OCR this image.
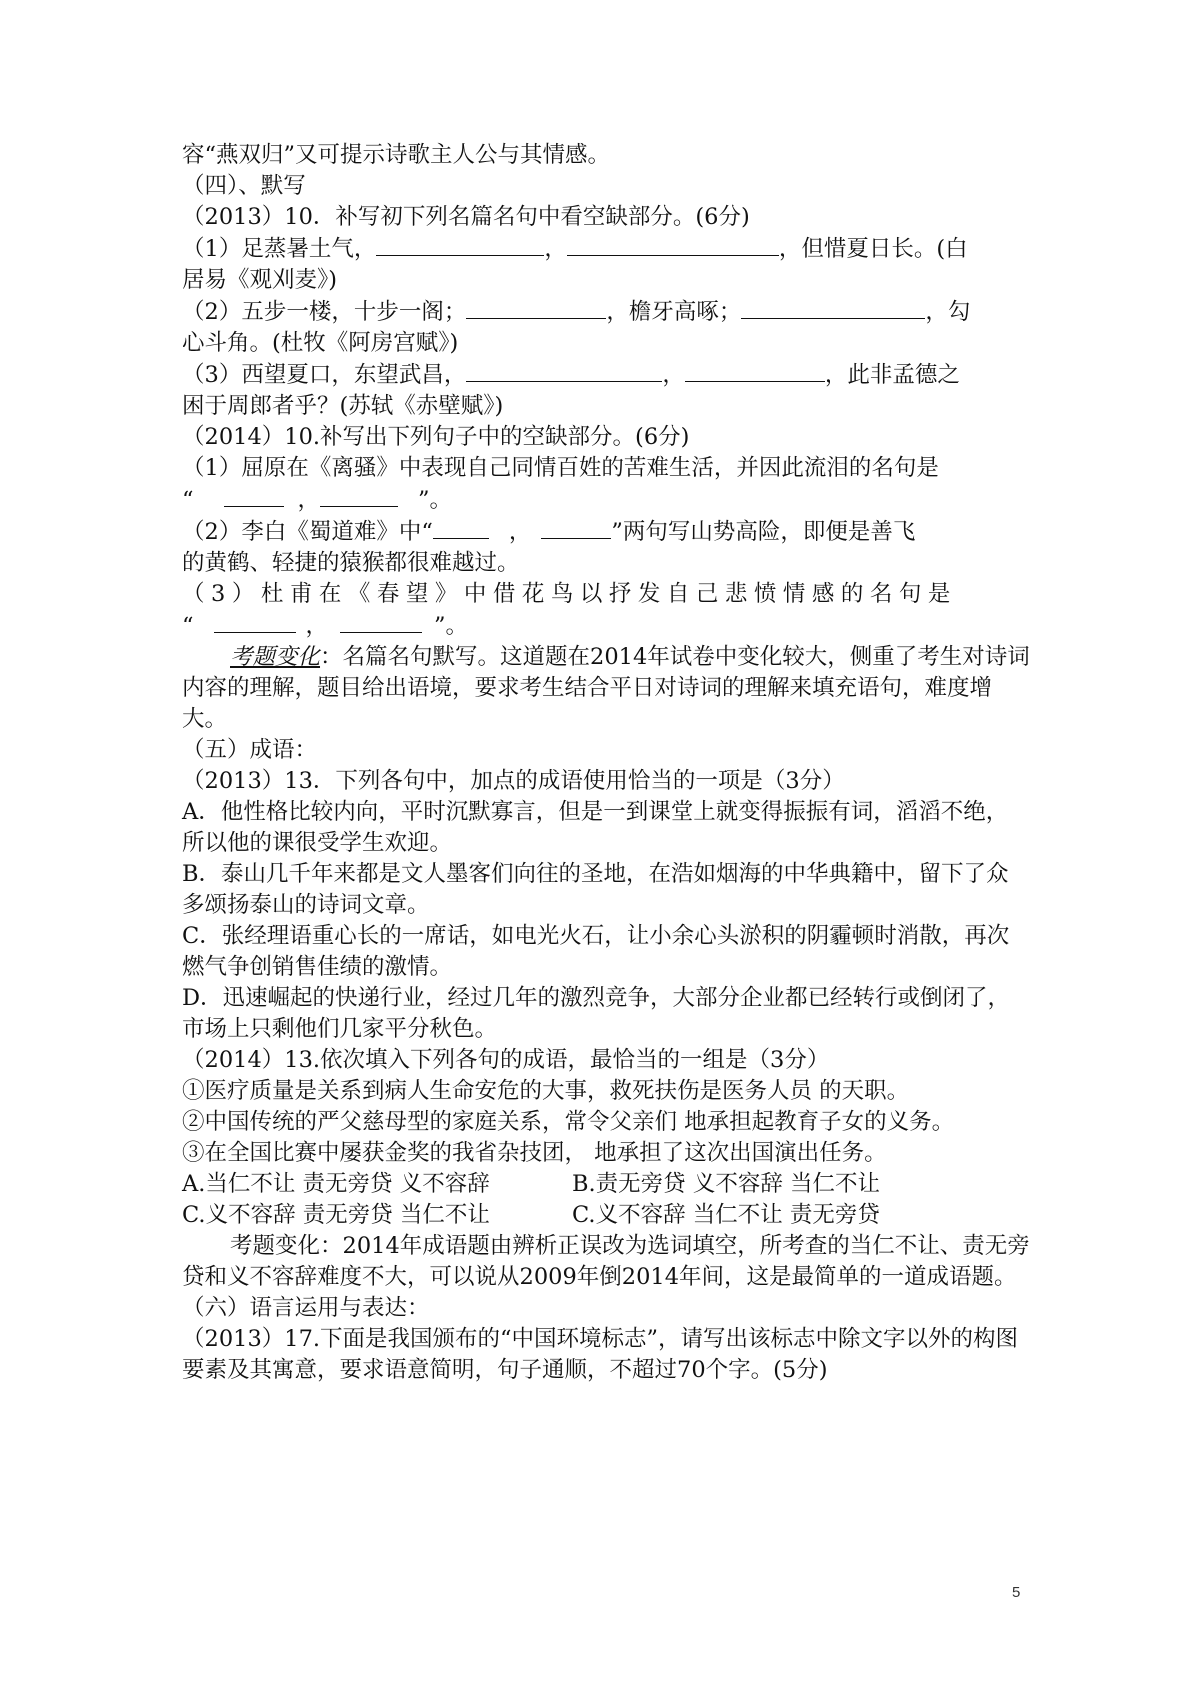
容“燕双归”又可提示诗歌主人公与其情感。

（四）、默写

（2013）10．补写初下列名篇名句中看空缺部分。(6分)

（1）足蒸暑土气，	，	，但惜夏日长。(白

居易《观刈麦》)

（2）五步一楼，十步一阁；	，檐牙高啄；	，勾

心斗角。(杜牧《阿房宫赋》)

（3）西望夏口，东望武昌，	，	，此非孟德之

困于周郎者乎？(苏轼《赤壁赋》)

（2014）10.补写出下列句子中的空缺部分。(6分)

（1）屈原在《离骚》中表现自己同情百姓的苦难生活，并因此流泪的名句是

“	，	”。

（2）李白《蜀道难》中“	，	”两句写山势高险，即便是善飞

的黄鹤、轻捷的猿猴都很难越过。

（3）杜甫在《春望》中借花鸟以抒发自己悲愤情感的名句是

“	，	”。

考题变化：名篇名句默写。这道题在2014年试卷中变化较大，侧重了考生对诗词内容的理解，题目给出语境，要求考生结合平日对诗词的理解来填充语句，难度增大。

（五）成语：

（2013）13．下列各句中，加点的成语使用恰当的一项是（3分）

A．他性格比较内向，平时沉默寡言，但是一到课堂上就变得振振有词，滔滔不绝，所以他的课很受学生欢迎。

B．泰山几千年来都是文人墨客们向往的圣地，在浩如烟海的中华典籍中，留下了众多颂扬泰山的诗词文章。

C．张经理语重心长的一席话，如电光火石，让小余心头淤积的阴霾顿时消散，再次燃气争创销售佳绩的激情。

D．迅速崛起的快递行业，经过几年的激烈竞争，大部分企业都已经转行或倒闭了，市场上只剩他们几家平分秋色。

（2014）13.依次填入下列各句的成语，最恰当的一组是（3分）

①医疗质量是关系到病人生命安危的大事，救死扶伤是医务人员 的天职。

②中国传统的严父慈母型的家庭关系，常令父亲们 地承担起教育子女的义务。

③在全国比赛中屡获金奖的我省杂技团， 地承担了这次出国演出任务。

A.当仁不让 责无旁贷 义不容辞	B.责无旁贷 义不容辞 当仁不让

C.义不容辞 责无旁贷 当仁不让	C.义不容辞 当仁不让 责无旁贷

考题变化：2014年成语题由辨析正误改为选词填空，所考查的当仁不让、责无旁贷和义不容辞难度不大，可以说从2009年倒2014年间，这是最简单的一道成语题。

（六）语言运用与表达：

（2013）17.下面是我国颁布的“中国环境标志”，请写出该标志中除文字以外的构图要素及其寓意，要求语意简明，句子通顺，不超过70个字。(5分)

5
